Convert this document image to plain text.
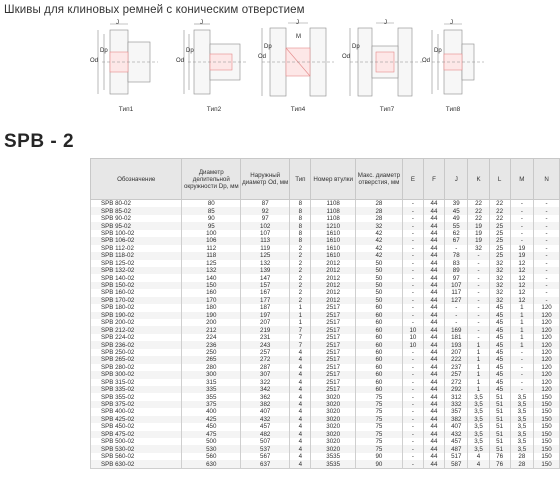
Шкивы для клиновых ремней с коническим отверстием
Od
Dp
J
Тип1
Od
Dp
J
Тип2
Od
Dp
M
J
Тип4
Od
Dp
J
Тип7
Od
Dp
J
Тип8
SPB - 2
Обозначение	Диаметр делительной окружности Dp, мм	Наружный диаметр Od, мм	Тип	Номер втулки	Макс. диаметр отверстия, мм	E	F	J	K	L	M	N
SPB 80-02	80	87	8	1108	28	-	44	39	22	22	-	-
SPB 85-02	85	92	8	1108	28	-	44	45	22	22	-	-
SPB 90-02	90	97	8	1108	28	-	44	49	22	22	-	-
SPB 95-02	95	102	8	1210	32	-	44	55	19	25	-	-
SPB 100-02	100	107	8	1610	42	-	44	62	19	25	-	-
SPB 106-02	106	113	8	1610	42	-	44	67	19	25	-	-
SPB 112-02	112	119	2	1610	42	-	44	-	32	25	19	-
SPB 118-02	118	125	2	1610	42	-	44	78	-	25	19	-
SPB 125-02	125	132	2	2012	50	-	44	83	-	32	12	-
SPB 132-02	132	139	2	2012	50	-	44	89	-	32	12	-
SPB 140-02	140	147	2	2012	50	-	44	97	-	32	12	-
SPB 150-02	150	157	2	2012	50	-	44	107	-	32	12	-
SPB 160-02	160	167	2	2012	50	-	44	117	-	32	12	-
SPB 170-02	170	177	2	2012	50	-	44	127	-	32	12	-
SPB 180-02	180	187	1	2517	60	-	44	-	-	45	1	120
SPB 190-02	190	197	1	2517	60	-	44	-	-	45	1	120
SPB 200-02	200	207	1	2517	60	-	44	-	-	45	1	120
SPB 212-02	212	219	7	2517	60	10	44	169	-	45	1	120
SPB 224-02	224	231	7	2517	60	10	44	181	-	45	1	120
SPB 236-02	236	243	7	2517	60	10	44	193	1	45	1	120
SPB 250-02	250	257	4	2517	60	-	44	207	1	45	-	120
SPB 265-02	265	272	4	2517	60	-	44	222	1	45	-	120
SPB 280-02	280	287	4	2517	60	-	44	237	1	45	-	120
SPB 300-02	300	307	4	2517	60	-	44	257	1	45	-	120
SPB 315-02	315	322	4	2517	60	-	44	272	1	45	-	120
SPB 335-02	335	342	4	2517	60	-	44	292	1	45	-	120
SPB 355-02	355	362	4	3020	75	-	44	312	3,5	51	3,5	150
SPB 375-02	375	382	4	3020	75	-	44	332	3,5	51	3,5	150
SPB 400-02	400	407	4	3020	75	-	44	357	3,5	51	3,5	150
SPB 425-02	425	432	4	3020	75	-	44	382	3,5	51	3,5	150
SPB 450-02	450	457	4	3020	75	-	44	407	3,5	51	3,5	150
SPB 475-02	475	482	4	3020	75	-	44	432	3,5	51	3,5	150
SPB 500-02	500	507	4	3020	75	-	44	457	3,5	51	3,5	150
SPB 530-02	530	537	4	3020	75	-	44	487	3,5	51	3,5	150
SPB 560-02	560	567	4	3535	90	-	44	517	4	76	28	150
SPB 630-02	630	637	4	3535	90	-	44	587	4	76	28	150
